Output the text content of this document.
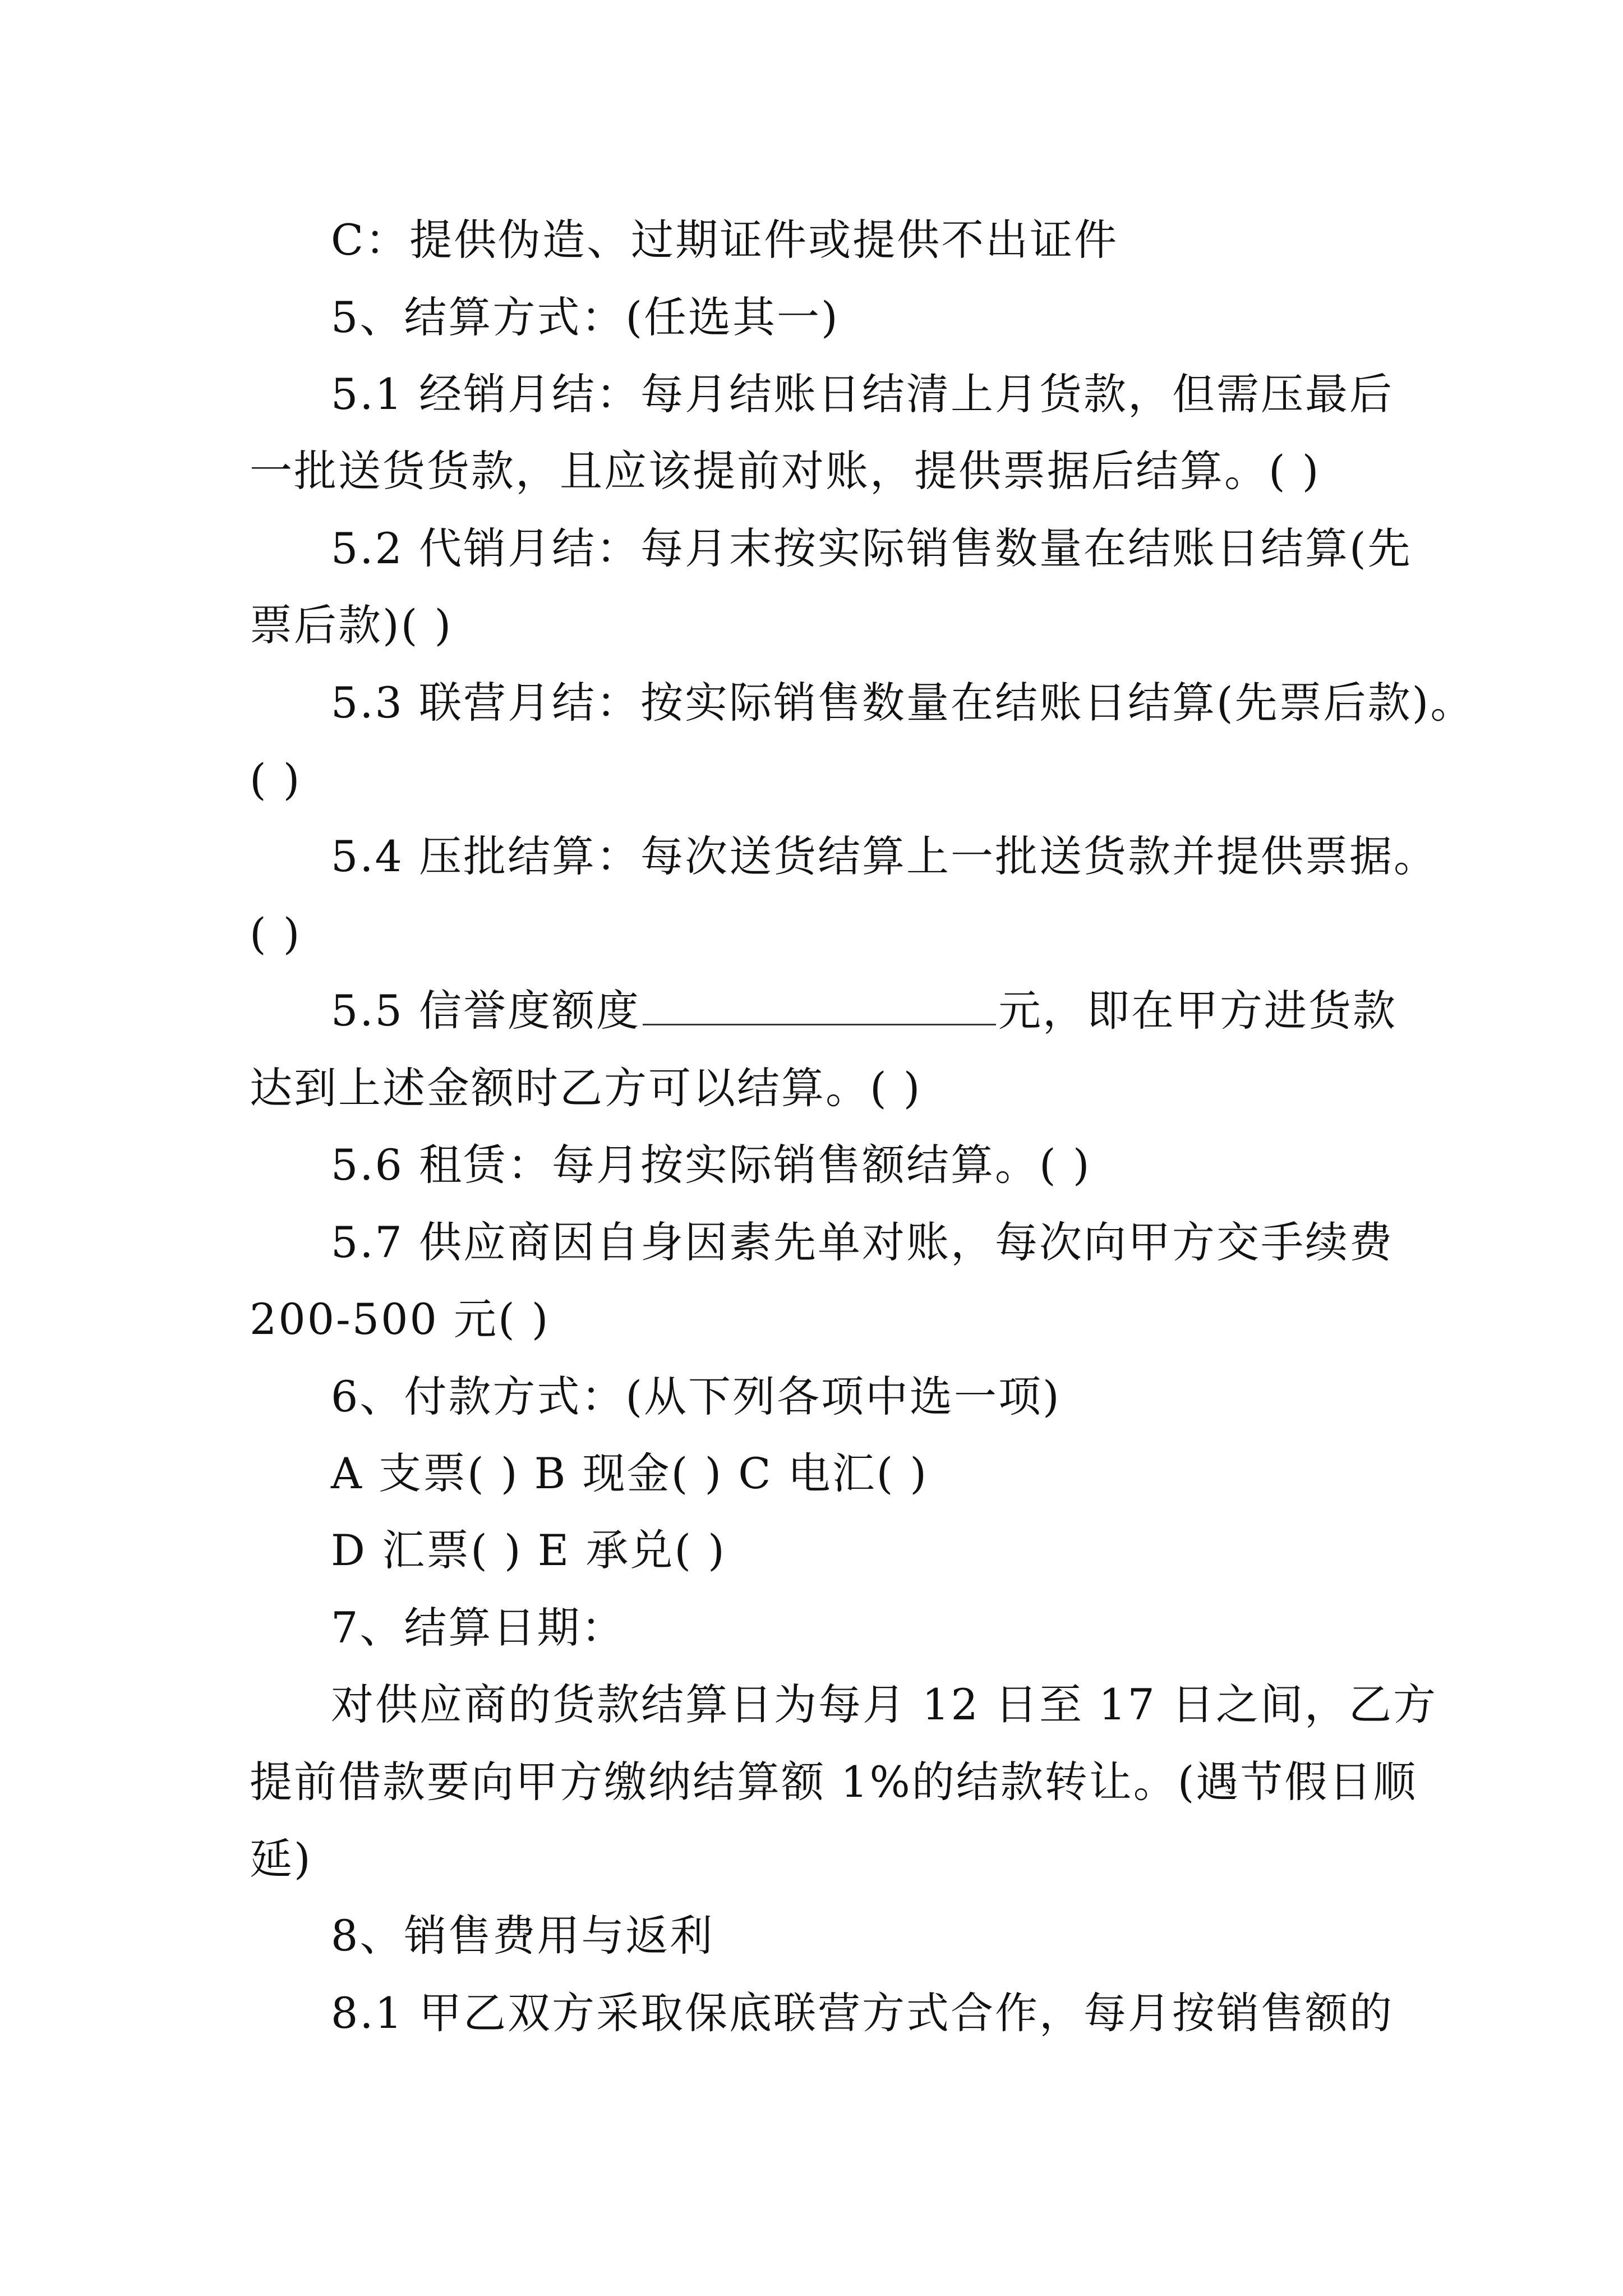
C：提供伪造、过期证件或提供不出证件

5、结算方式：(任选其一)

5.1 经销月结：每月结账日结清上月货款，但需压最后

一批送货货款，且应该提前对账，提供票据后结算。( )

5.2 代销月结：每月末按实际销售数量在结账日结算(先

票后款)( )

5.3 联营月结：按实际销售数量在结账日结算(先票后款)。

( )

5.4 压批结算：每次送货结算上一批送货款并提供票据。

( )

5.5 信誉度额度	元，即在甲方进货款

达到上述金额时乙方可以结算。( )

5.6 租赁：每月按实际销售额结算。( )

5.7 供应商因自身因素先单对账，每次向甲方交手续费

200-500 元( )

6、付款方式：(从下列各项中选一项)

A 支票( ) B 现金( ) C 电汇( )

D 汇票( ) E 承兑( )

7、结算日期：

对供应商的货款结算日为每月 12 日至 17 日之间，乙方

提前借款要向甲方缴纳结算额 1%的结款转让。(遇节假日顺

延)

8、销售费用与返利

8.1 甲乙双方采取保底联营方式合作，每月按销售额的
